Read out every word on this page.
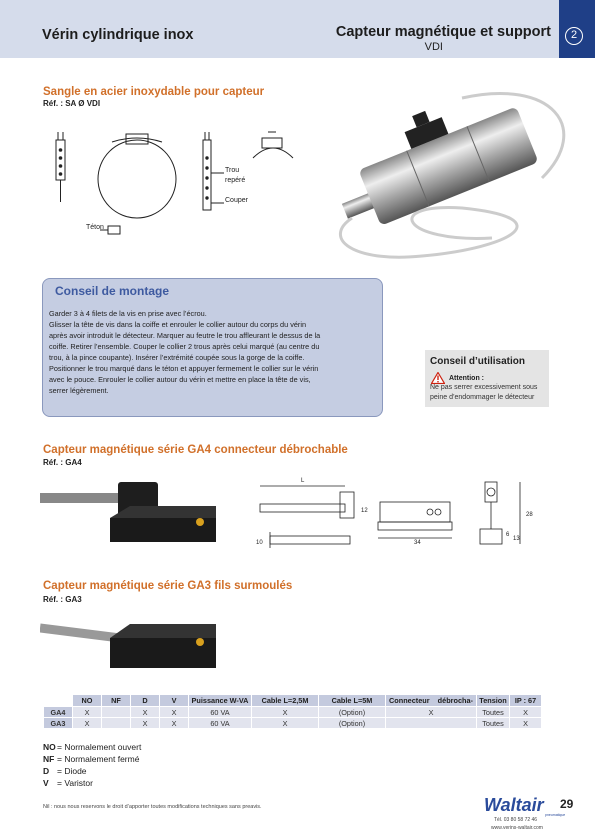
Vérin cylindrique inox	Capteur magnétique et support
VDI
2
Sangle en acier inoxydable pour capteur
Réf. : SA Ø VDI
Trou
repéré
Couper
Téton
Conseil de montage
Garder 3 à 4 filets de la vis en prise avec l’écrou.
Glisser la tête de vis dans la coiffe et enrouler le collier autour du corps du vérin
après avoir introduit le détecteur. Marquer au feutre le trou affleurant le dessus de la
coiffe. Retirer l’ensemble. Couper le collier 2 trous après celui marqué (au centre du
trou, à la pince coupante). Insérer l’extrémité coupée sous la gorge de la coiffe.
Positionner le trou marqué dans le téton et appuyer fermement le collier sur le vérin
avec le pouce. Enrouler le collier autour du vérin et mettre en place la tête de vis,
serrer légèrement.
Conseil d’utilisation
Attention :
Ne pas serrer excessivement sous
peine d’endommager le détecteur
Capteur magnétique série GA4 connecteur débrochable
Réf. : GA4
L
12
10	34
6
13
28
Capteur magnétique série GA3 fils surmoulés
Réf. : GA3
	NO	NF	D	V	Puissance W-VA	Cable L=2,5M	Cable L=5M	Connecteur    débrocha-	Tension	IP : 67
GA4	X		X	X	60 VA	X	(Option)	X	Toutes	X
GA3	X		X	X	60 VA	X	(Option)		Toutes	X
NO= Normalement ouvert
NF = Normalement fermé
D = Diode
V = Varistor
Nil : nous nous reservons le droit d’apporter toutes modifications techniques sans preavis.	Waltair pneumatique
Tél. 03 80 58 72 46
www.verins-waltair.com
29
